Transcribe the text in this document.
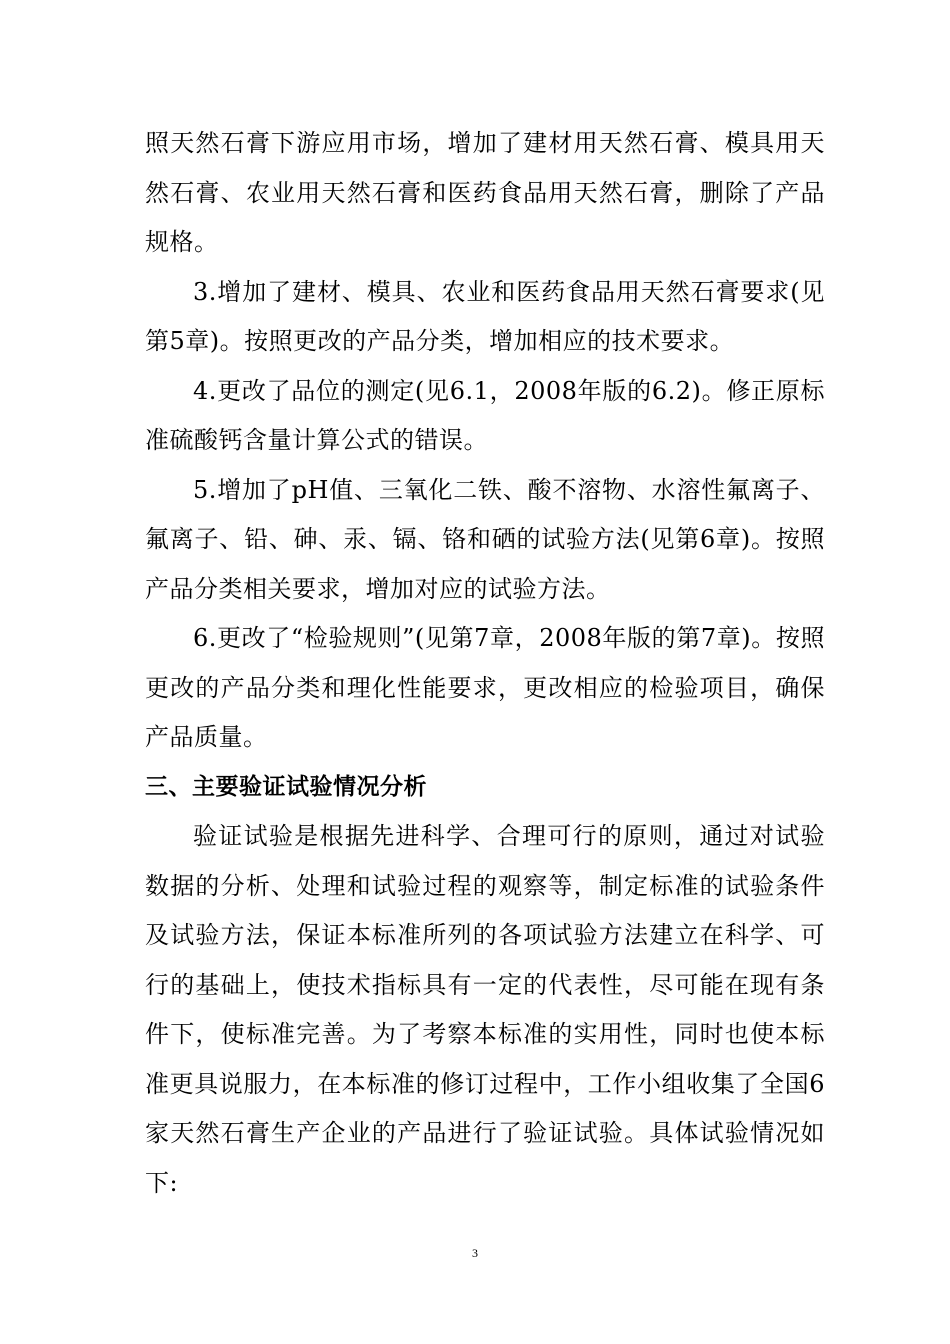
照天然石膏下游应用市场，增加了建材用天然石膏、模具用天然石膏、农业用天然石膏和医药食品用天然石膏，删除了产品规格。

3.增加了建材、模具、农业和医药食品用天然石膏要求(见第5章)。按照更改的产品分类，增加相应的技术要求。

4.更改了品位的测定(见6.1，2008年版的6.2)。修正原标准硫酸钙含量计算公式的错误。

5.增加了pH值、三氧化二铁、酸不溶物、水溶性氟离子、氟离子、铅、砷、汞、镉、铬和硒的试验方法(见第6章)。按照产品分类相关要求，增加对应的试验方法。

6.更改了“检验规则”(见第7章，2008年版的第7章)。按照更改的产品分类和理化性能要求，更改相应的检验项目，确保产品质量。

三、主要验证试验情况分析

验证试验是根据先进科学、合理可行的原则，通过对试验数据的分析、处理和试验过程的观察等，制定标准的试验条件及试验方法，保证本标准所列的各项试验方法建立在科学、可行的基础上，使技术指标具有一定的代表性，尽可能在现有条件下，使标准完善。为了考察本标准的实用性，同时也使本标准更具说服力，在本标准的修订过程中，工作小组收集了全国6家天然石膏生产企业的产品进行了验证试验。具体试验情况如下:

3
